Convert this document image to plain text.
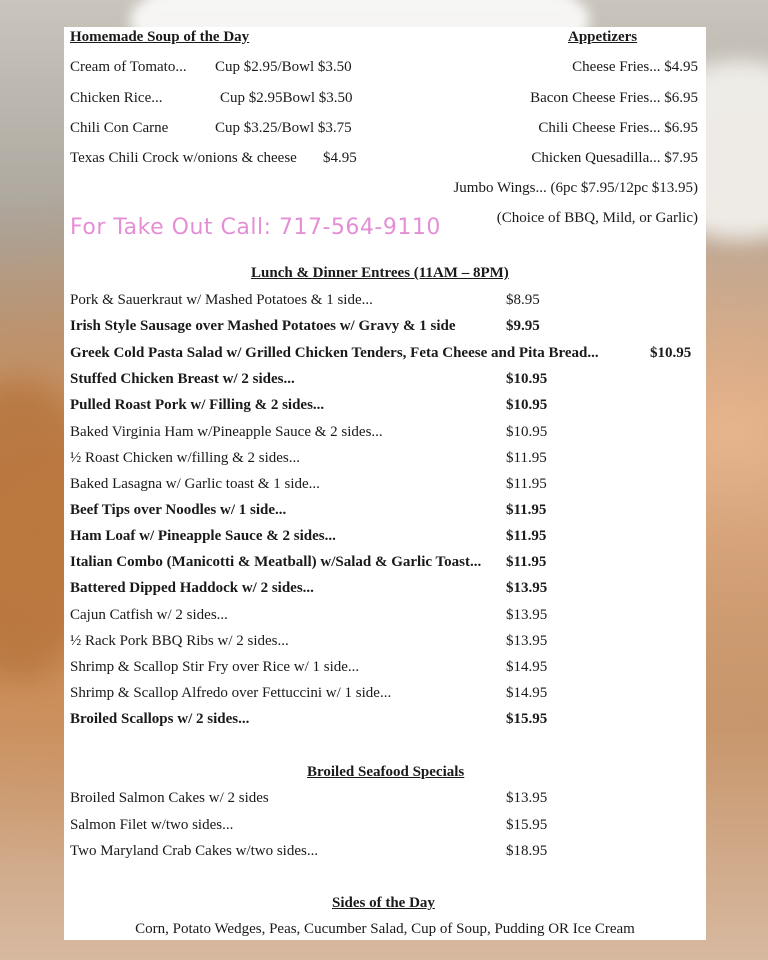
Homemade Soup of the Day
Cream of Tomato... Cup $2.95/Bowl $3.50
Chicken Rice...	Cup $2.95Bowl $3.50
Chili Con Carne	Cup $3.25/Bowl $3.75
Texas Chili Crock w/onions & cheese $4.95
Appetizers
Cheese Fries... $4.95
Bacon Cheese Fries... $6.95
Chili Cheese Fries... $6.95
Chicken Quesadilla... $7.95
Jumbo Wings... (6pc $7.95/12pc $13.95)
(Choice of BBQ, Mild, or Garlic)
For Take Out Call: 717-564-9110
Lunch & Dinner Entrees (11AM – 8PM)
Pork & Sauerkraut w/ Mashed Potatoes & 1 side...	$8.95
Irish Style Sausage over Mashed Potatoes w/ Gravy & 1 side	$9.95
Greek Cold Pasta Salad w/ Grilled Chicken Tenders, Feta Cheese and Pita Bread...	$10.95
Stuffed Chicken Breast w/ 2 sides...	$10.95
Pulled Roast Pork w/ Filling & 2 sides...	$10.95
Baked Virginia Ham w/Pineapple Sauce & 2 sides...	$10.95
½ Roast Chicken w/filling & 2 sides...	$11.95
Baked Lasagna w/ Garlic toast & 1 side...	$11.95
Beef Tips over Noodles w/ 1 side...	$11.95
Ham Loaf w/ Pineapple Sauce & 2 sides...	$11.95
Italian Combo (Manicotti & Meatball) w/Salad & Garlic Toast... $11.95
Battered Dipped Haddock w/ 2 sides...	$13.95
Cajun Catfish w/ 2 sides...	$13.95
½ Rack Pork BBQ Ribs w/ 2 sides...	$13.95
Shrimp & Scallop Stir Fry over Rice w/ 1 side...	$14.95
Shrimp & Scallop Alfredo over Fettuccini w/ 1 side...	$14.95
Broiled Scallops w/ 2 sides...	$15.95
Broiled Seafood Specials
Broiled Salmon Cakes w/ 2 sides	$13.95
Salmon Filet w/two sides...	$15.95
Two Maryland Crab Cakes w/two sides...	$18.95
Sides of the Day
Corn, Potato Wedges, Peas, Cucumber Salad, Cup of Soup, Pudding OR Ice Cream
